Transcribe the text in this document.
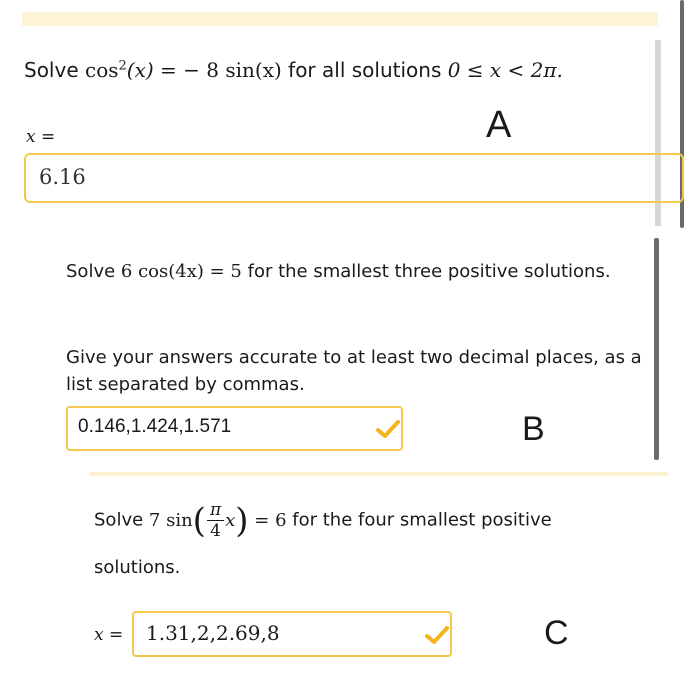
Solve $\cos^2(x)$ = − 8 sin(x) for all solutions 0 ≤ x < 2π.
x =	A
6.16
Solve 6 cos(4x) = 5 for the smallest three positive solutions.
Give your answers accurate to at least two decimal places, as a list separated by commas.
0.146,1.424,1.571	B
Solve 7 $\sin( \frac{\pi}{4} x) = 6$ for the four smallest positive
solutions.
x =	1.31,2,2.69,8	C
